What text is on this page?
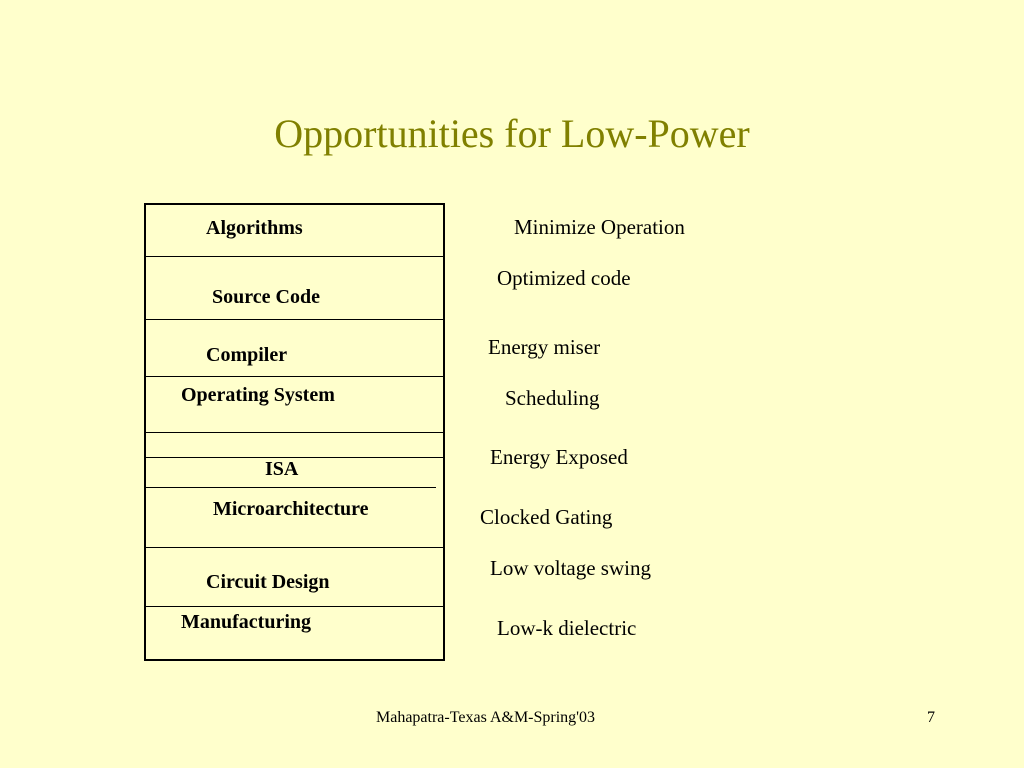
Opportunities for Low-Power
Algorithms
Source Code
Compiler
Operating System
ISA
Microarchitecture
Circuit Design
Manufacturing
Minimize Operation
Optimized code
Energy miser
Scheduling
Energy Exposed
Clocked Gating
Low voltage swing
Low-k dielectric
Mahapatra-Texas A&M-Spring'03	7
